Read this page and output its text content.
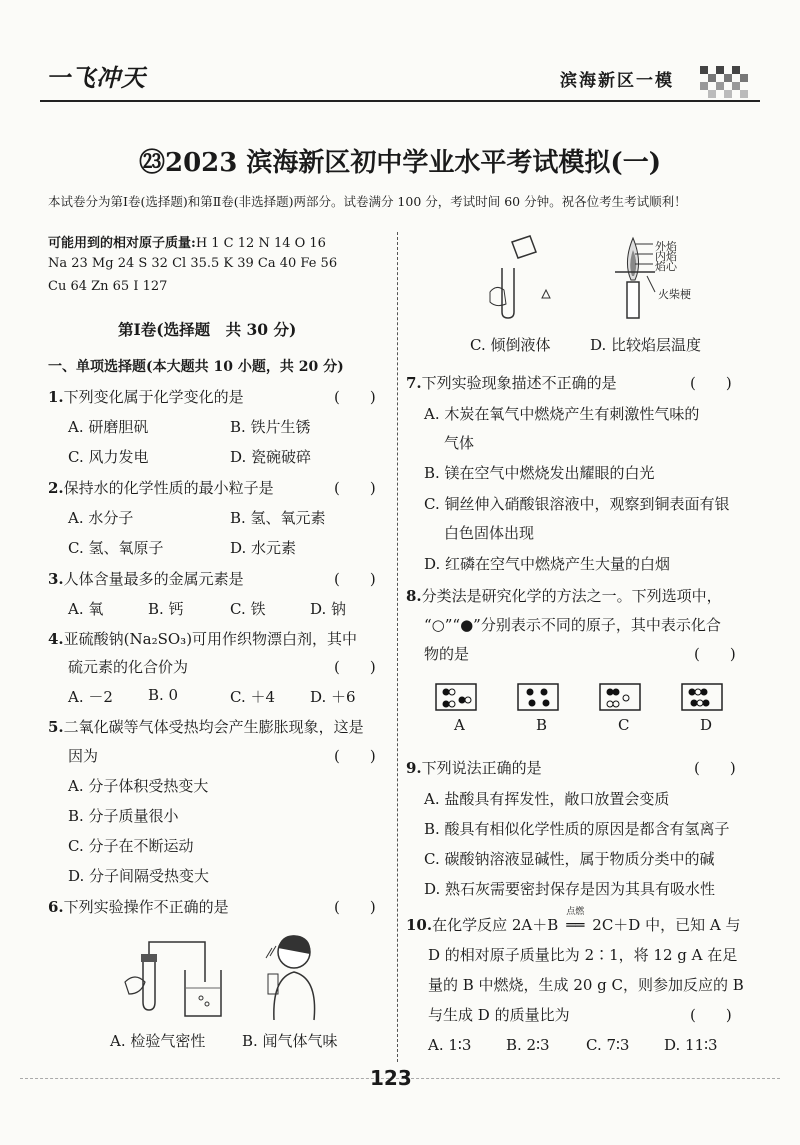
一飞冲天	滨海新区一模
㉓2023 滨海新区初中学业水平考试模拟(一)
本试卷分为第Ⅰ卷(选择题)和第Ⅱ卷(非选择题)两部分。试卷满分 100 分，考试时间 60 分钟。祝各位考生考试顺利！
可能用到的相对原子质量:H 1 C 12 N 14 O 16
Na 23 Mg 24 S 32 Cl 35.5 K 39 Ca 40 Fe 56
Cu 64 Zn 65 I 127
第Ⅰ卷(选择题　共 30 分)
一、单项选择题(本大题共 10 小题，共 20 分)
1.下列变化属于化学变化的是	(　　)
A. 研磨胆矾	B. 铁片生锈
C. 风力发电	D. 瓷碗破碎
2.保持水的化学性质的最小粒子是	(　　)
A. 水分子	B. 氢、氧元素
C. 氢、氧原子	D. 水元素
3.人体含量最多的金属元素是	(　　)
A. 氧	B. 钙	C. 铁	D. 钠
4.亚硫酸钠(Na₂SO₃)可用作织物漂白剂，其中
硫元素的化合价为	(　　)
A. －2 B. 0	C. ＋4 D. ＋6
5.二氧化碳等气体受热均会产生膨胀现象，这是
因为	(　　)
A. 分子体积受热变大
B. 分子质量很小
C. 分子在不断运动
D. 分子间隔受热变大
6.下列实验操作不正确的是	(　　)
A. 检验气密性 B. 闻气体气味
外焰
内焰
焰心
火柴梗
C. 倾倒液体	D. 比较焰层温度
7.下列实验现象描述不正确的是	(　　)
A. 木炭在氧气中燃烧产生有刺激性气味的
气体
B. 镁在空气中燃烧发出耀眼的白光
C. 铜丝伸入硝酸银溶液中，观察到铜表面有银
白色固体出现
D. 红磷在空气中燃烧产生大量的白烟
8.分类法是研究化学的方法之一。下列选项中，
“○”“●”分别表示不同的原子，其中表示化合
物的是	(　　)
A	B	C	D
9.下列说法正确的是	(　　)
A. 盐酸具有挥发性，敞口放置会变质
B. 酸具有相似化学性质的原因是都含有氢离子
C. 碳酸钠溶液显碱性，属于物质分类中的碱
D. 熟石灰需要密封保存是因为其具有吸水性
10.在化学反应 2A＋B
点燃
══ 2C＋D 中，已知 A 与
D 的相对原子质量比为 2∶1，将 12 g A 在足
量的 B 中燃烧，生成 20 g C，则参加反应的 B
与生成 D 的质量比为	(　　)
A. 1∶3 B. 2∶3 C. 7∶3 D. 11∶3
123
